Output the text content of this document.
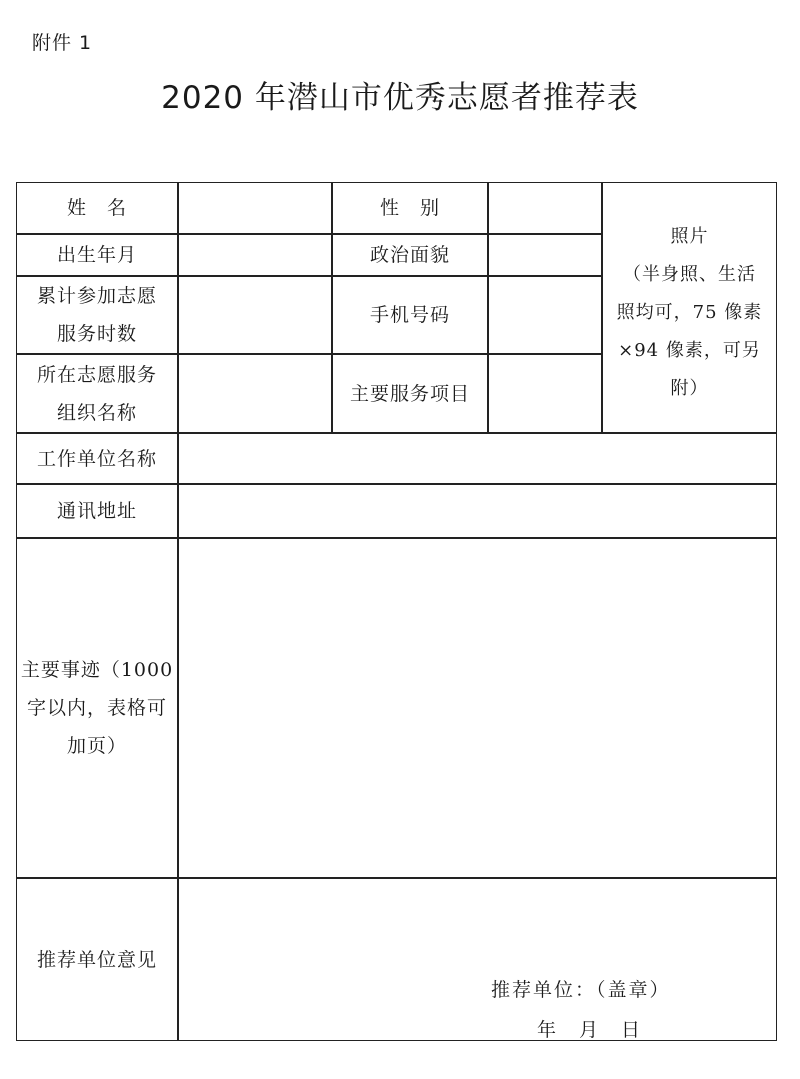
附件 1
2020 年潜山市优秀志愿者推荐表
姓　名	性　别
出生年月	政治面貌
累计参加志愿
服务时数
手机号码
所在志愿服务
组织名称
主要服务项目
照片
（半身照、生活
照均可，75 像素
×94 像素，可另
附）
工作单位名称
通讯地址
主要事迹（1000
字以内，表格可
加页）
推荐单位意见
推荐单位：（盖章）
年　月　日
